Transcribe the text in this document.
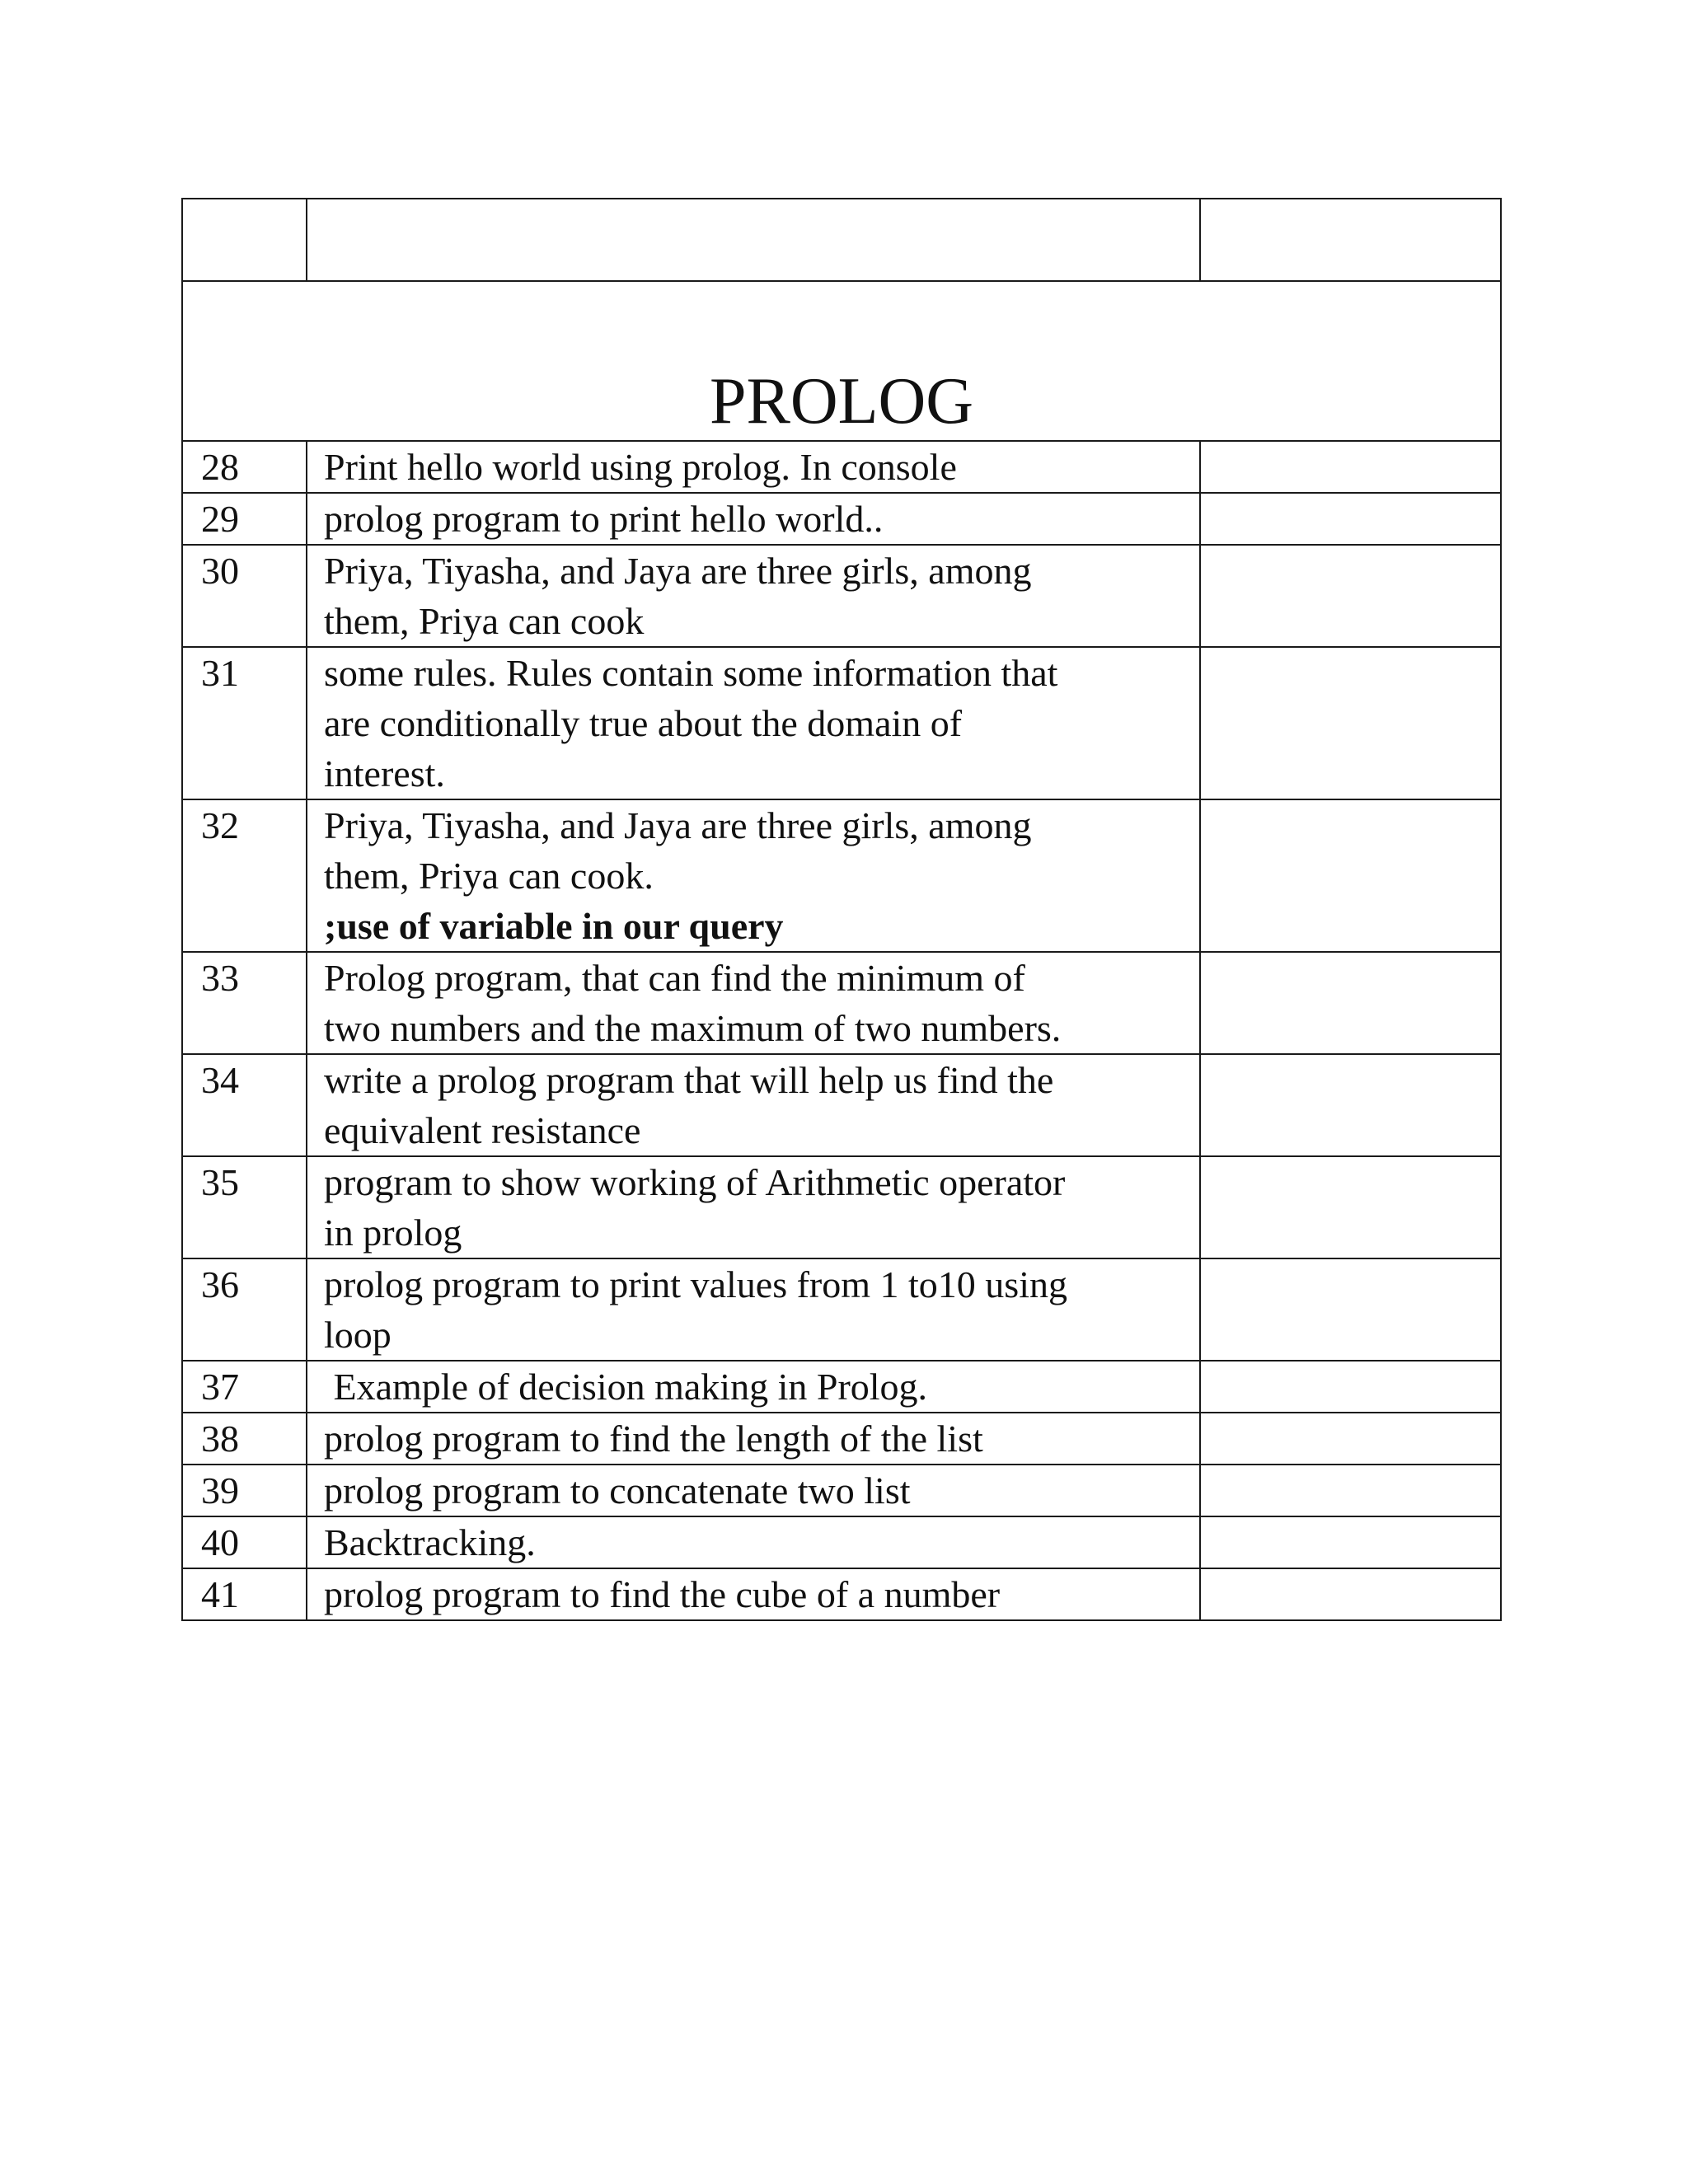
PROLOG		

28	Print hello world using prolog. In console	

29	prolog program to print hello world..	

30	Priya, Tiyasha, and Jaya are three girls, among
them, Priya can cook	

31	some rules. Rules contain some information that
are conditionally true about the domain of
interest.	

32	Priya, Tiyasha, and Jaya are three girls, among
them, Priya can cook.
;use of variable in our query	

33	Prolog program, that can find the minimum of
two numbers and the maximum of two numbers.	

34	write a prolog program that will help us find the
equivalent resistance	

35	program to show working of Arithmetic operator
in prolog	

36	prolog program to print values from 1 to10 using
loop	

37	Example of decision making in Prolog.	

38	prolog program to find the length of the list	

39	prolog program to concatenate two list	

40	Backtracking.	

41	prolog program to find the cube of a number	
